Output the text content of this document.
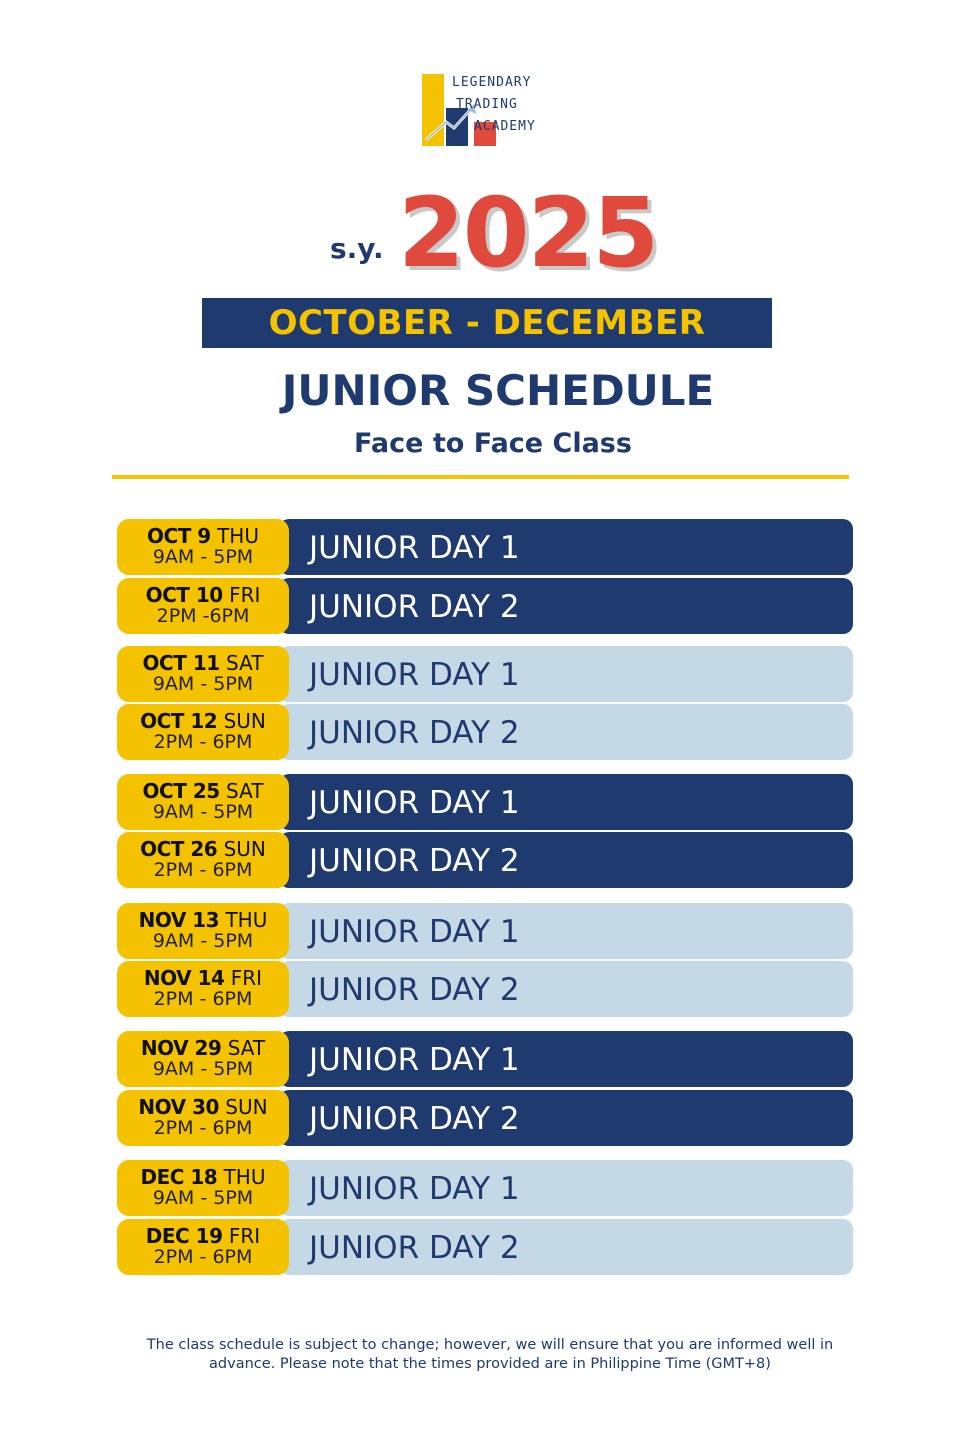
LEGENDARY
TRADING
ACADEMY
s.y. 2025
OCTOBER - DECEMBER
JUNIOR SCHEDULE
Face to Face Class
JUNIOR DAY 1
OCT 9 THU
9AM - 5PM
JUNIOR DAY 2
OCT 10 FRI
2PM -6PM
JUNIOR DAY 1
OCT 11 SAT
9AM - 5PM
JUNIOR DAY 2
OCT 12 SUN
2PM - 6PM
JUNIOR DAY 1
OCT 25 SAT
9AM - 5PM
JUNIOR DAY 2
OCT 26 SUN
2PM - 6PM
JUNIOR DAY 1
NOV 13 THU
9AM - 5PM
JUNIOR DAY 2
NOV 14 FRI
2PM - 6PM
JUNIOR DAY 1
NOV 29 SAT
9AM - 5PM
JUNIOR DAY 2
NOV 30 SUN
2PM - 6PM
JUNIOR DAY 1
DEC 18 THU
9AM - 5PM
JUNIOR DAY 2
DEC 19 FRI
2PM - 6PM
The class schedule is subject to change; however, we will ensure that you are informed well in
advance. Please note that the times provided are in Philippine Time (GMT+8)
